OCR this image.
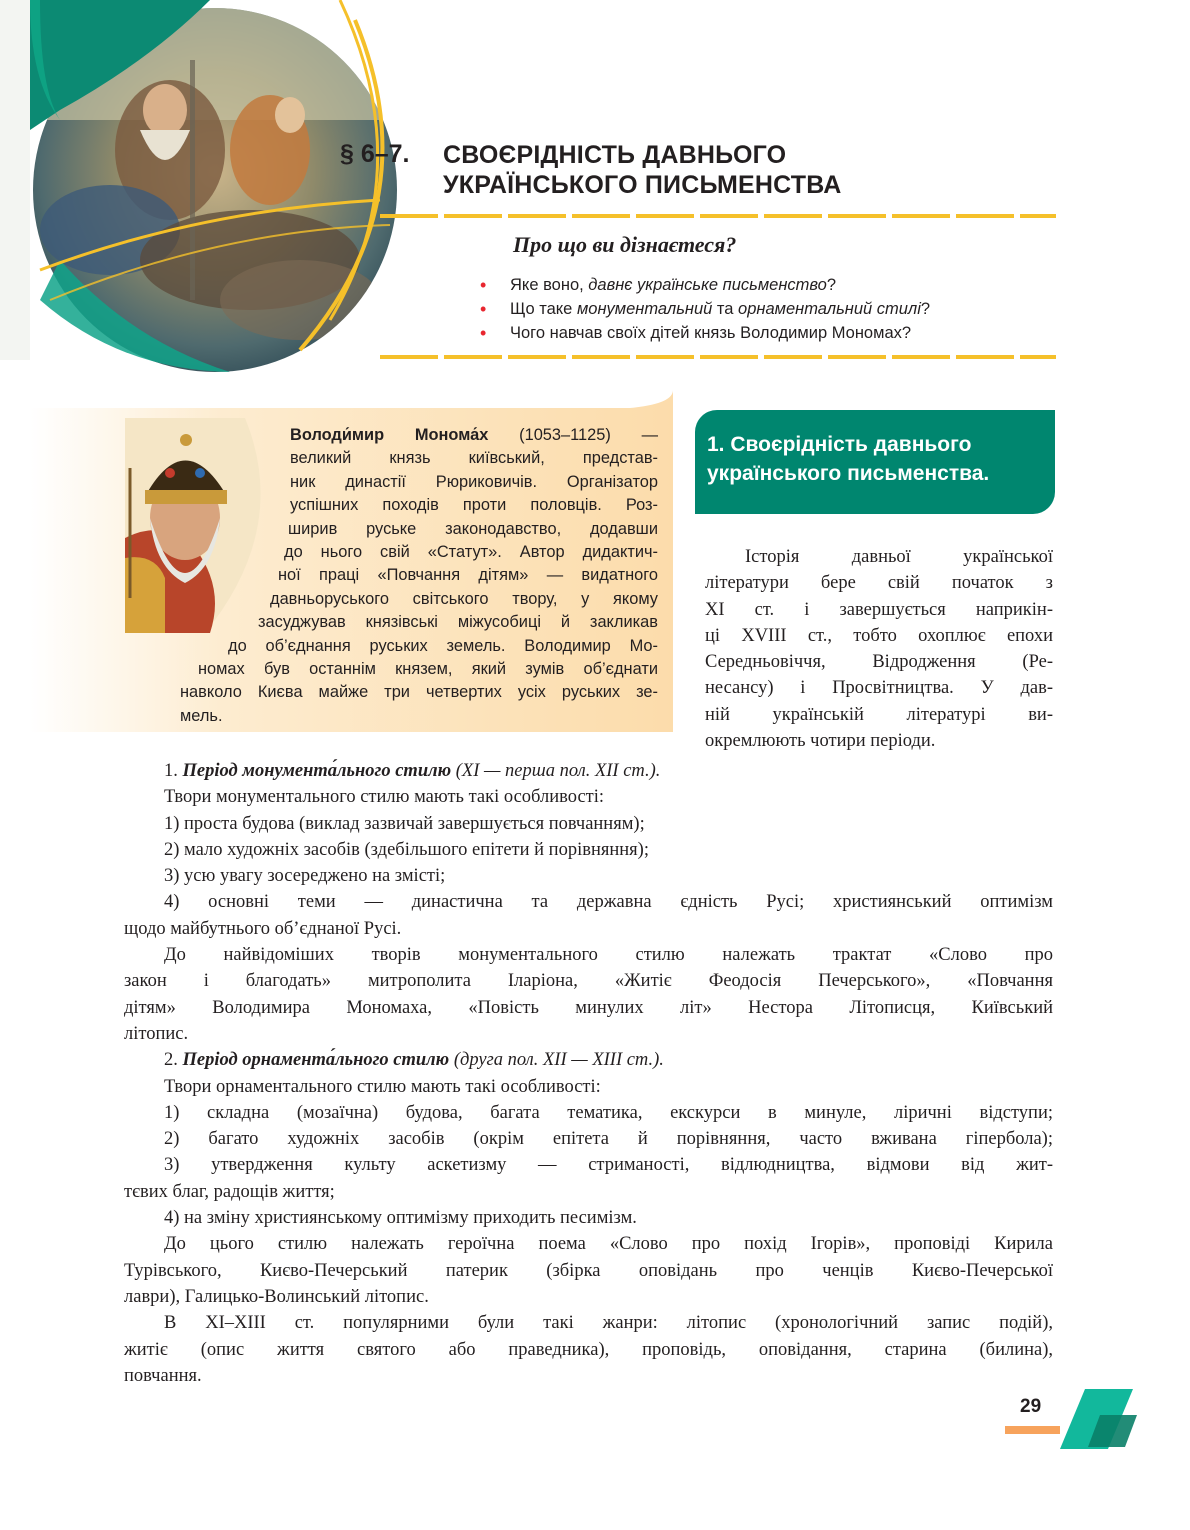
§ 6–7. СВОЄРІДНІСТЬ ДАВНЬОГО
УКРАЇНСЬКОГО ПИСЬМЕНСТВА
Про що ви дізнаєтеся?
• Яке воно, давнє українське письменство?
• Що таке монументальний та орнаментальний стилі?
• Чого навчав своїх дітей князь Володимир Мономах?
Володи́мир Монома́х (1053–1125) —
великий князь київський, представ-
ник династії Рюриковичів. Організатор
успішних походів проти половців. Роз-
ширив руське законодавство, додавши
до нього свій «Статут». Автор дидактич-
ної праці «Повчання дітям» — видатного
давньоруського світського твору, у якому
засуджував князівські міжусобиці й закликав
до об’єднання руських земель. Володимир Мо-
номах був останнім князем, який зумів об’єднати
навколо Києва майже три четвертих усіх руських зе-
мель.
1. Своєрідність давнього
українського письменства.
Історія давньої української
літератури бере свій початок з
ХІ ст. і завершується наприкін-
ці ХVІІІ ст., тобто охоплює епохи
Середньовіччя, Відродження (Ре-
несансу) і Просвітництва. У дав-
ній українській літературі ви-
окремлюють чотири періоди.
1. Період монумента́льного стилю (ХІ — перша пол. ХІІ ст.).
Твори монументального стилю мають такі особливості:
1) проста будова (виклад зазвичай завершується повчанням);
2) мало художніх засобів (здебільшого епітети й порівняння);
3) усю увагу зосереджено на змісті;
4) основні теми — династична та державна єдність Русі; християнський оптимізм
щодо майбутнього об’єднаної Русі.
До найвідоміших творів монументального стилю належать трактат «Слово про
закон і благодать» митрополита Іларіона, «Житіє Феодосія Печерського», «Повчання
дітям» Володимира Мономаха, «Повість минулих літ» Нестора Літописця, Київський
літопис.
2. Період орнамента́льного стилю (друга пол. ХІІ — ХІІІ ст.).
Твори орнаментального стилю мають такі особливості:
1) складна (мозаїчна) будова, багата тематика, екскурси в минуле, ліричні відступи;
2) багато художніх засобів (окрім епітета й порівняння, часто вживана гіпербола);
3) утвердження культу аскетизму — стриманості, відлюдництва, відмови від жит-
тєвих благ, радощів життя;
4) на зміну християнському оптимізму приходить песимізм.
До цього стилю належать героїчна поема «Слово про похід Ігорів», проповіді Кирила
Турівського, Києво-Печерський патерик (збірка оповідань про ченців Києво-Печерської
лаври), Галицько-Волинський літопис.
В ХІ–ХІІІ ст. популярними були такі жанри: літопис (хронологічний запис подій),
житіє (опис життя святого або праведника), проповідь, оповідання, старина (билина),
повчання.
29
